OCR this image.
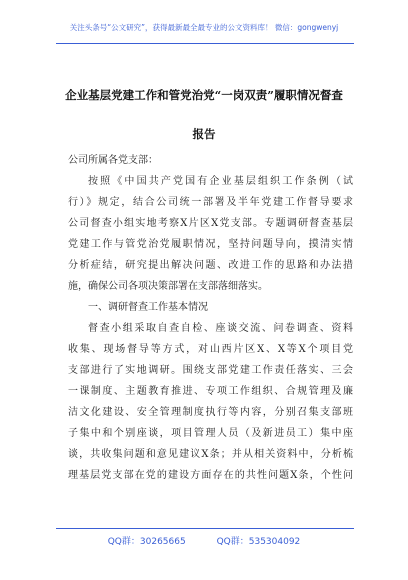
关注头条号“公文研究”，获得最新最全最专业的公文资料库！ 微信：gongwenyj
企业基层党建工作和管党治党“一岗双责”履职情况督查
报告
公司所属各党支部：
按照《中国共产党国有企业基层组织工作条例（试
行）》规定，结合公司统一部署及半年党建工作督导要求
公司督查小组实地考察X片区X党支部。专题调研督查基层
党建工作与管党治党履职情况，坚持问题导向，摸清实情
分析症结，研究提出解决问题、改进工作的思路和办法措
施，确保公司各项决策部署在支部落细落实。
一、调研督查工作基本情况
督查小组采取自查自检、座谈交流、问卷调查、资料
收集、现场督导等方式，对山西片区X、X等X个项目党
支部进行了实地调研。围绕支部党建工作责任落实、三会
一课制度、主题教育推进、专项工作组织、合规管理及廉
洁文化建设、安全管理制度执行等内容，分别召集支部班
子集中和个别座谈，项目管理人员（及新进员工）集中座
谈，共收集问题和意见建议X条；并从相关资料中，分析梳
理基层党支部在党的建设方面存在的共性问题X条，个性问
QQ群：30265665	QQ群：535304092
